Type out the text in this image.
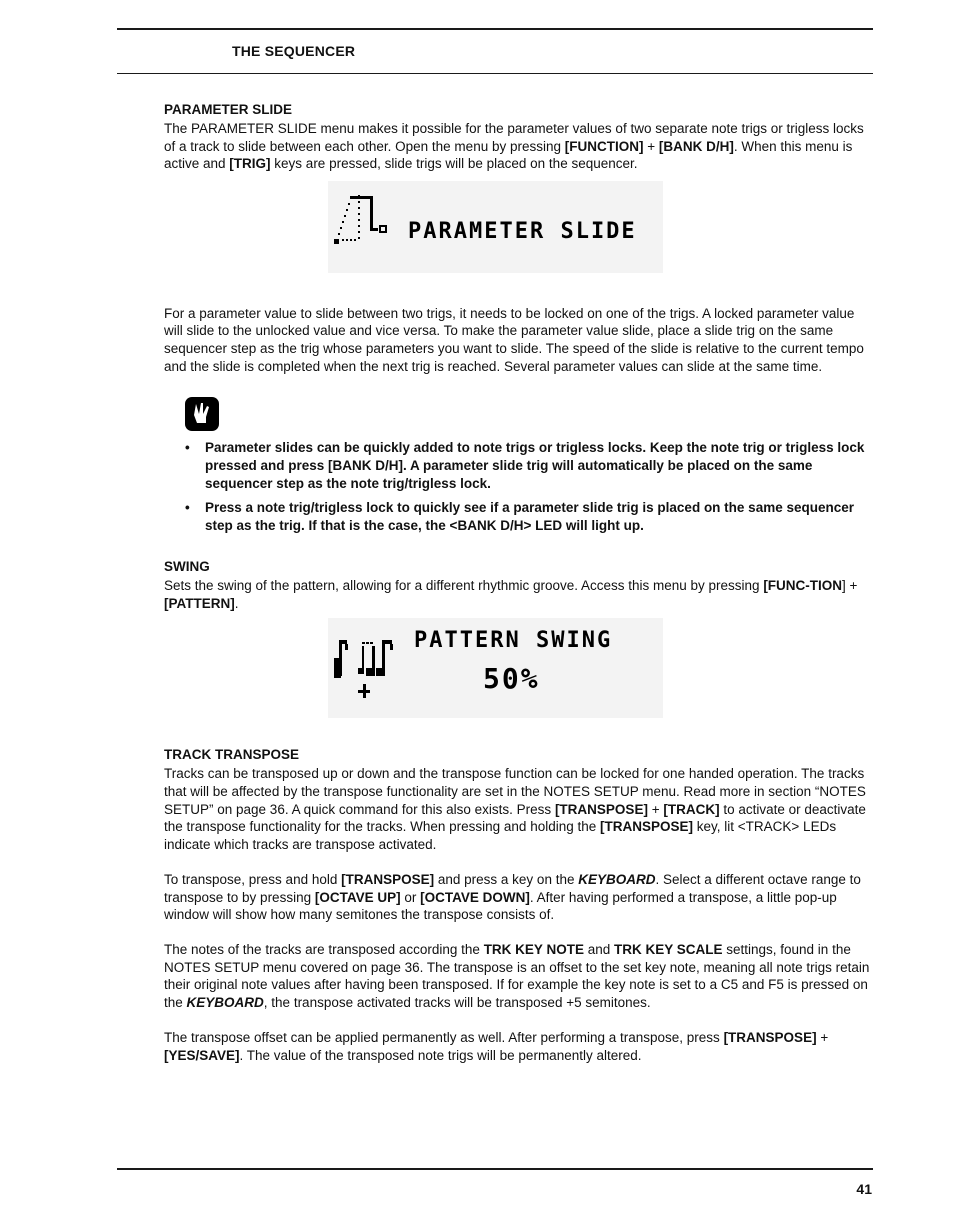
THE SEQUENCER
PARAMETER SLIDE

The PARAMETER SLIDE menu makes it possible for the parameter values of two separate note trigs or trigless locks of a track to slide between each other. Open the menu by pressing [FUNCTION] + [BANK D/H]. When this menu is active and [TRIG] keys are pressed, slide trigs will be placed on the sequencer.

PARAMETER SLIDE

For a parameter value to slide between two trigs, it needs to be locked on one of the trigs. A locked parameter value will slide to the unlocked value and vice versa. To make the parameter value slide, place a slide trig on the same sequencer step as the trig whose parameters you want to slide. The speed of the slide is relative to the current tempo and the slide is completed when the next trig is reached. Several parameter values can slide at the same time.

• Parameter slides can be quickly added to note trigs or trigless locks. Keep the note trig or trigless lock pressed and press [BANK D/H]. A parameter slide trig will automatically be placed on the same sequencer step as the note trig/trigless lock.
• Press a note trig/trigless lock to quickly see if a parameter slide trig is placed on the same sequencer step as the trig. If that is the case, the <BANK D/H> LED will light up.
SWING

Sets the swing of the pattern, allowing for a different rhythmic groove. Access this menu by pressing [FUNC-TION] + [PATTERN].

PATTERN SWING
50%
TRACK TRANSPOSE

Tracks can be transposed up or down and the transpose function can be locked for one handed operation. The tracks that will be affected by the transpose functionality are set in the NOTES SETUP menu. Read more in section “NOTES SETUP” on page 36. A quick command for this also exists. Press [TRANSPOSE] + [TRACK] to activate or deactivate the transpose functionality for the tracks. When pressing and holding the [TRANSPOSE] key, lit <TRACK> LEDs indicate which tracks are transpose activated.

To transpose, press and hold [TRANSPOSE] and press a key on the KEYBOARD. Select a different octave range to transpose to by pressing [OCTAVE UP] or [OCTAVE DOWN]. After having performed a transpose, a little pop-up window will show how many semitones the transpose consists of.

The notes of the tracks are transposed according the TRK KEY NOTE and TRK KEY SCALE settings, found in the NOTES SETUP menu covered on page 36. The transpose is an offset to the set key note, meaning all note trigs retain their original note values after having been transposed. If for example the key note is set to a C5 and F5 is pressed on the KEYBOARD, the transpose activated tracks will be transposed +5 semitones.

The transpose offset can be applied permanently as well. After performing a transpose, press [TRANSPOSE] + [YES/SAVE]. The value of the transposed note trigs will be permanently altered.

41
